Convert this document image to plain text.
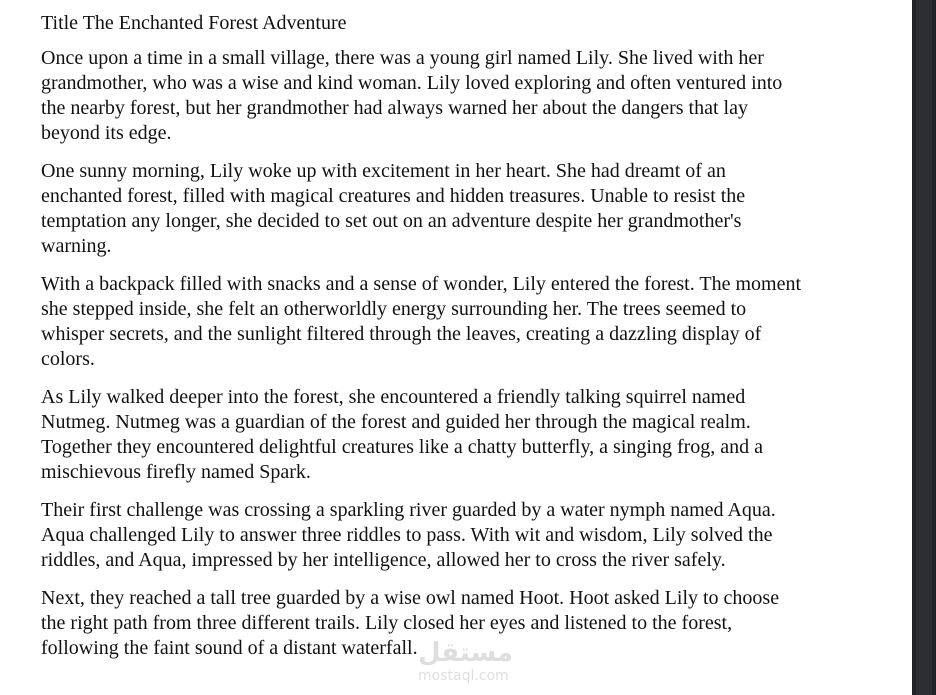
Title The Enchanted Forest Adventure

Once upon a time in a small village, there was a young girl named Lily. She lived with her grandmother, who was a wise and kind woman. Lily loved exploring and often ventured into the nearby forest, but her grandmother had always warned her about the dangers that lay beyond its edge.

One sunny morning, Lily woke up with excitement in her heart. She had dreamt of an enchanted forest, filled with magical creatures and hidden treasures. Unable to resist the temptation any longer, she decided to set out on an adventure despite her grandmother's warning.

With a backpack filled with snacks and a sense of wonder, Lily entered the forest. The moment she stepped inside, she felt an otherworldly energy surrounding her. The trees seemed to whisper secrets, and the sunlight filtered through the leaves, creating a dazzling display of colors.

As Lily walked deeper into the forest, she encountered a friendly talking squirrel named Nutmeg. Nutmeg was a guardian of the forest and guided her through the magical realm. Together they encountered delightful creatures like a chatty butterfly, a singing frog, and a mischievous firefly named Spark.

Their first challenge was crossing a sparkling river guarded by a water nymph named Aqua. Aqua challenged Lily to answer three riddles to pass. With wit and wisdom, Lily solved the riddles, and Aqua, impressed by her intelligence, allowed her to cross the river safely.

Next, they reached a tall tree guarded by a wise owl named Hoot. Hoot asked Lily to choose the right path from three different trails. Lily closed her eyes and listened to the forest, following the faint sound of a distant waterfall. مستقل
mostaql.com
